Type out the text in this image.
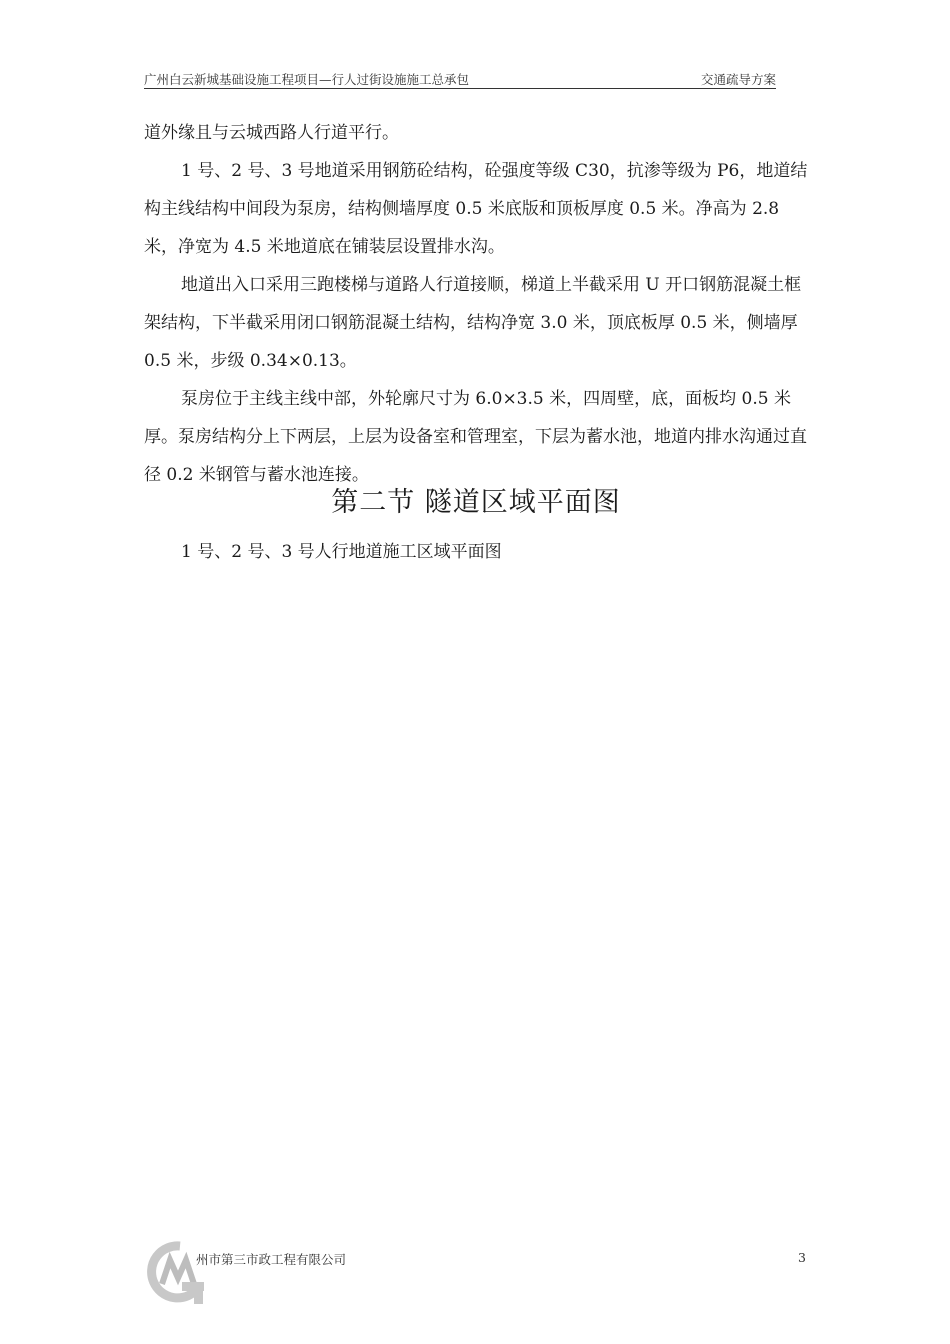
广州白云新城基础设施工程项目—行人过街设施施工总承包	交通疏导方案

道外缘且与云城西路人行道平行。

1 号、2 号、3 号地道采用钢筋砼结构，砼强度等级 C30，抗渗等级为 P6，地道结构主线结构中间段为泵房，结构侧墙厚度 0.5 米底版和顶板厚度 0.5 米。净高为 2.8 米，净宽为 4.5 米地道底在铺装层设置排水沟。

地道出入口采用三跑楼梯与道路人行道接顺，梯道上半截采用 U 开口钢筋混凝土框架结构，下半截采用闭口钢筋混凝土结构，结构净宽 3.0 米，顶底板厚 0.5 米，侧墙厚 0.5 米，步级 0.34×0.13。

泵房位于主线主线中部，外轮廓尺寸为 6.0×3.5 米，四周壁，底，面板均 0.5 米厚。泵房结构分上下两层，上层为设备室和管理室，下层为蓄水池，地道内排水沟通过直径 0.2 米钢管与蓄水池连接。

第二节 隧道区域平面图
1 号、2 号、3 号人行地道施工区域平面图
州市第三市政工程有限公司	3
